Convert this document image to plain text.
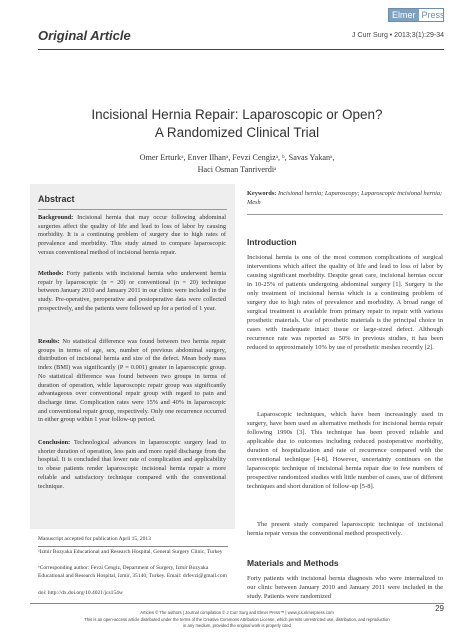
Elmer Press
Original Article	J Curr Surg • 2013;3(1):29-34
Incisional Hernia Repair: Laparoscopic or Open?
A Randomized Clinical Trial
Omer Erturkᵃ, Enver Ilhanᵃ, Fevzi Cengizᵃ, ᵇ, Savas Yakanᵃ,
Haci Osman Tanriverdiᵃ
Abstract
Background: Incisional hernia that may occur following abdominal surgeries affect the quality of life and lead to loss of labor by causing morbidity. It is a continuing problem of surgery due to high rates of prevalence and morbidity. This study aimed to compare laparoscopic versus conventional method of incisional hernia repair.
Methods: Forty patients with incisional hernia who underwent hernia repair by laparoscopic (n = 20) or conventional (n = 20) technique between January 2010 and January 2011 in our clinic were included in the study. Pre-operative, peroperative and postoperative data were collected prospectively, and the patients were followed up for a period of 1 year.
Results: No statistical difference was found between two hernia repair groups in terms of age, sex, number of previous abdominal surgery, distribution of incisional hernia and size of the defect. Mean body mass index (BMI) was significantly (P = 0.001) greater in laparoscopic group. No statistical difference was found between two groups in terms of duration of operation, while laparoscopic repair group was significantly advantageous over conventional repair group with regard to pain and discharge time. Complication rates were 15% and 40% in laparoscopic and conventional repair group, respectively. Only one recurrence occurred in either group within 1 year follow-up period.
Conclusion: Technological advances in laparoscopic surgery lead to shorter duration of operation, less pain and more rapid discharge from the hospital. It is concluded that lower rate of complication and applicability to obese patients render laparoscopic incisional hernia repair a more reliable and satisfactory technique compared with the conventional technique.
Manuscript accepted for publication April 15, 2013
ᵃIzmir Bozyaka Educational and Research Hospital, General Surgery Clinic, Turkey
ᵇCorresponding author: Fevzi Cengiz, Department of Surgery, Izmir Bozyaka Educational and Research Hospital, Izmir, 35140, Turkey. Email: drfevzi@gmail.com
doi: http://dx.doi.org/10.4021/jcs154w
Keywords: Incisional hernia; Laparoscopy; Laparoscopic incisional hernia; Mesh
Introduction
Incisional hernia is one of the most common complications of surgical interventions which affect the quality of life and lead to loss of labor by causing significant morbidity. Despite great care, incisional hernias occur in 10-25% of patients undergoing abdominal surgery [1]. Surgery is the only treatment of incisional hernia which is a continuing problem of surgery due to high rates of prevalence and morbidity. A broad range of surgical treatment is available from primary repair to repair with various prosthetic materials. Use of prosthetic materials is the principal choice in cases with inadequate intact tissue or large-sized defect. Although recurrence rate was reported as 50% in previous studies, it has been reduced to approximately 10% by use of prosthetic meshes recently [2].
Laparoscopic techniques, which have been increasingly used in surgery, have been used as alternative methods for incisional hernia repair following 1990s [3]. This technique has been proved reliable and applicable due to outcomes including reduced postoperative morbidity, duration of hospitalization and rate of recurrence compared with the conventional technique [4-8]. However, uncertainty continues on the laparoscopic technique of incisional hernia repair due to few numbers of prospective randomized studies with little number of cases, use of different techniques and short duration of follow-up [5-8].
The present study compared laparoscopic technique of incisional hernia repair versus the conventional method prospectively.
Materials and Methods
Forty patients with incisional hernia diagnosis who were internalized to our clinic between January 2010 and January 2011 were included in the study. Patients were randomized
29
Articles © The authors | Journal compilation © J Curr Surg and Elmer Press™ | www.jcs.elmerpress.com
This is an open-access article distributed under the terms of the Creative Commons Attribution License, which permits unrestricted use, distribution, and reproduction
in any medium, provided the original work is properly cited
